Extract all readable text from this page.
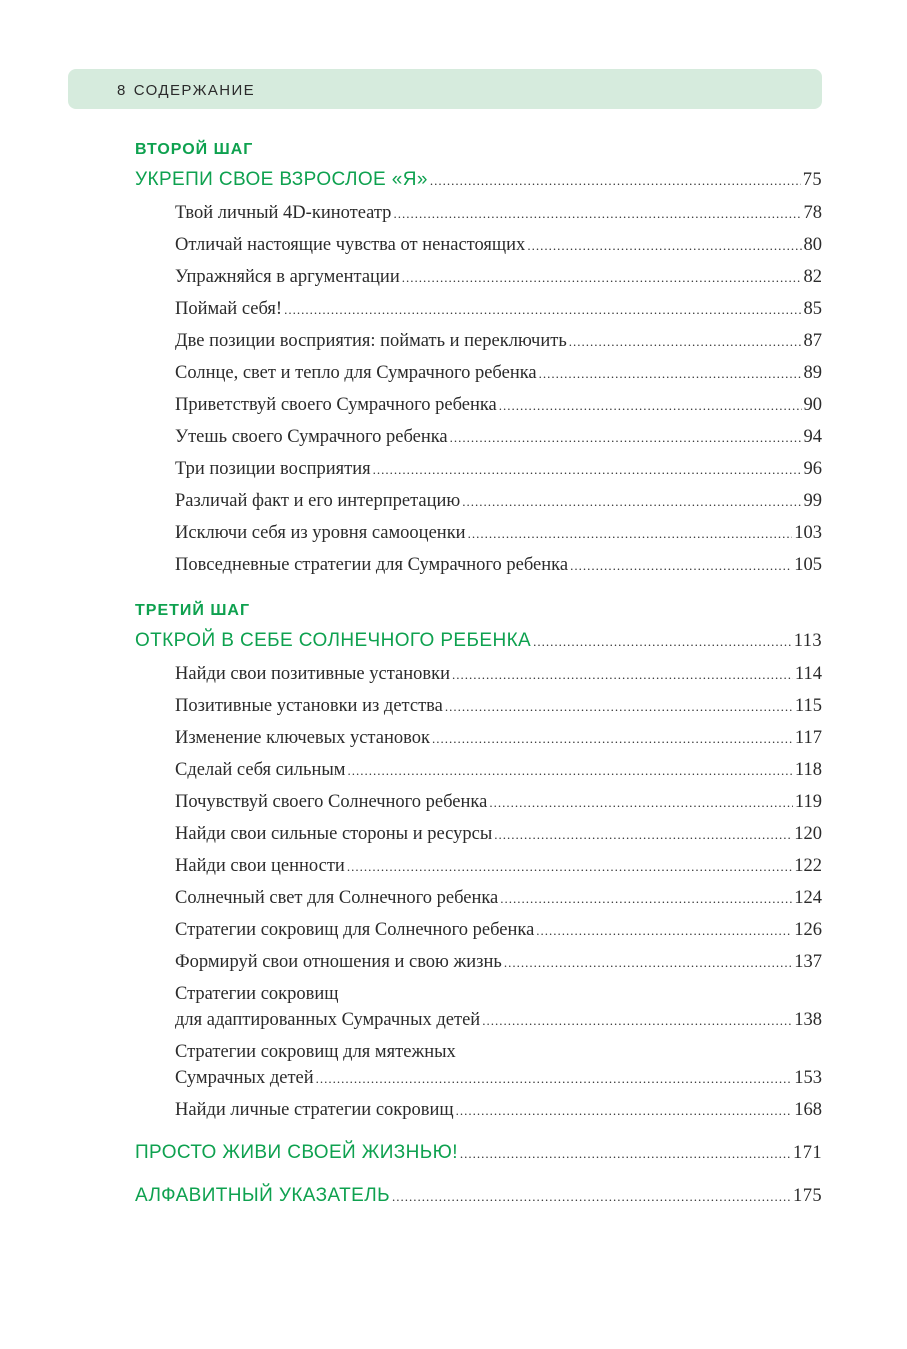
8 СОДЕРЖАНИЕ
ВТОРОЙ ШАГ
УКРЕПИ СВОЕ ВЗРОСЛОЕ «Я» .....	75
Твой личный 4D-кинотеатр .....	78
Отличай настоящие чувства от ненастоящих .....	80
Упражняйся в аргументации .....	82
Поймай себя! .....	85
Две позиции восприятия: поймать и переключить .....	87
Солнце, свет и тепло для Сумрачного ребенка .....	89
Приветствуй своего Сумрачного ребенка .....	90
Утешь своего Сумрачного ребенка .....	94
Три позиции восприятия .....	96
Различай факт и его интерпретацию .....	99
Исключи себя из уровня самооценки .....	103
Повседневные стратегии для Сумрачного ребенка .....	105
ТРЕТИЙ ШАГ
ОТКРОЙ В СЕБЕ СОЛНЕЧНОГО РЕБЕНКА .....	113
Найди свои позитивные установки .....	114
Позитивные установки из детства .....	115
Изменение ключевых установок .....	117
Сделай себя сильным .....	118
Почувствуй своего Солнечного ребенка .....	119
Найди свои сильные стороны и ресурсы .....	120
Найди свои ценности .....	122
Солнечный свет для Солнечного ребенка .....	124
Стратегии сокровищ для Солнечного ребенка .....	126
Формируй свои отношения и свою жизнь .....	137
Стратегии сокровищ
для адаптированных Сумрачных детей .....	138
Стратегии сокровищ для мятежных
Сумрачных детей .....	153
Найди личные стратегии сокровищ .....	168
ПРОСТО ЖИВИ СВОЕЙ ЖИЗНЬЮ! .....	171
АЛФАВИТНЫЙ УКАЗАТЕЛЬ .....	175
